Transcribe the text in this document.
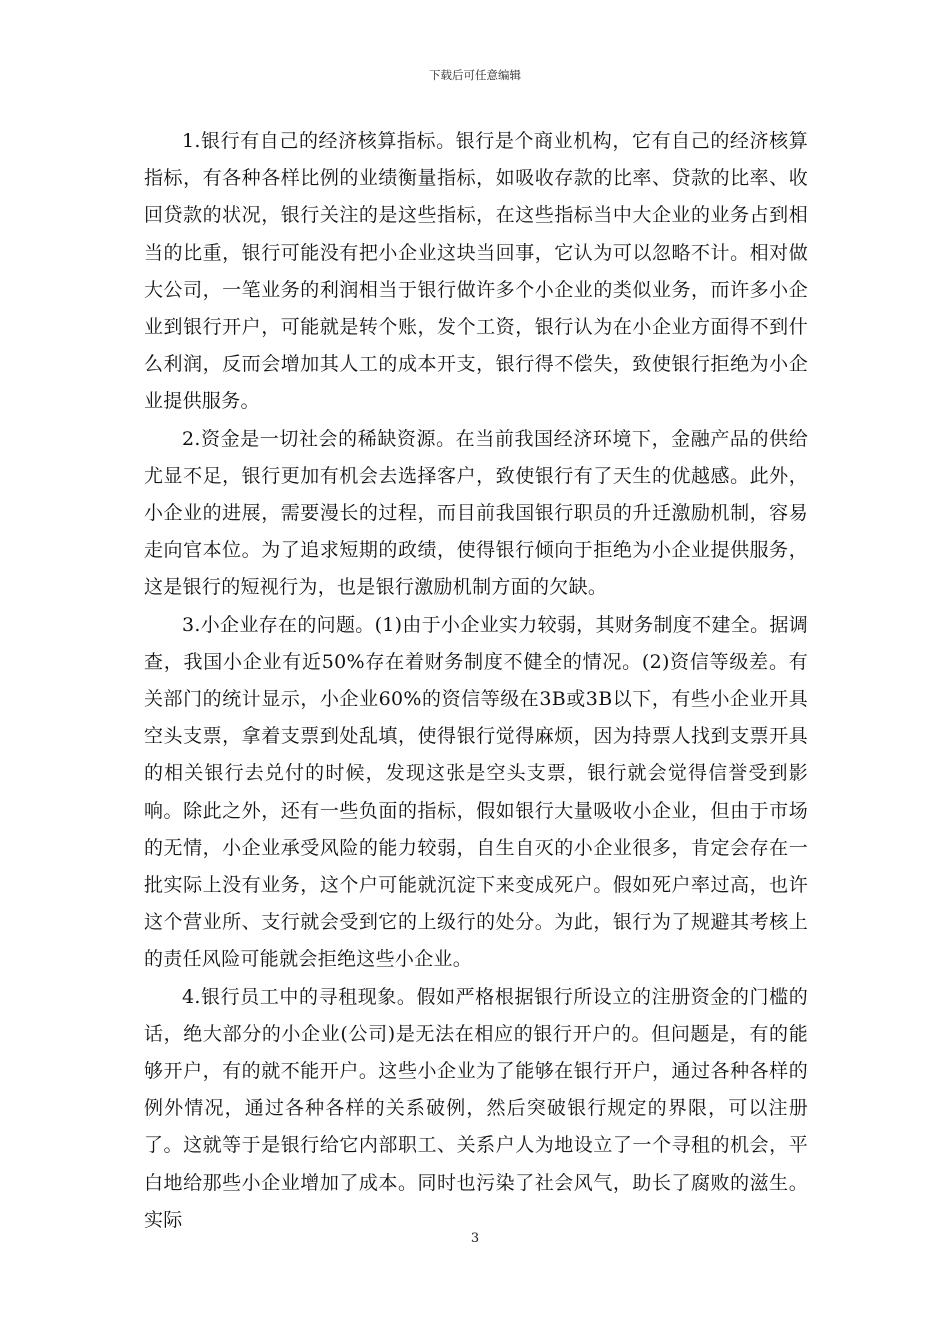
下载后可任意编辑

1.银行有自己的经济核算指标。银行是个商业机构，它有自己的经济核算指标，有各种各样比例的业绩衡量指标，如吸收存款的比率、贷款的比率、收回贷款的状况，银行关注的是这些指标，在这些指标当中大企业的业务占到相当的比重，银行可能没有把小企业这块当回事，它认为可以忽略不计。相对做大公司，一笔业务的利润相当于银行做许多个小企业的类似业务，而许多小企业到银行开户，可能就是转个账，发个工资，银行认为在小企业方面得不到什么利润，反而会增加其人工的成本开支，银行得不偿失，致使银行拒绝为小企业提供服务。

2.资金是一切社会的稀缺资源。在当前我国经济环境下，金融产品的供给尤显不足，银行更加有机会去选择客户，致使银行有了天生的优越感。此外，小企业的进展，需要漫长的过程，而目前我国银行职员的升迁激励机制，容易走向官本位。为了追求短期的政绩，使得银行倾向于拒绝为小企业提供服务，这是银行的短视行为，也是银行激励机制方面的欠缺。

3.小企业存在的问题。(1)由于小企业实力较弱，其财务制度不建全。据调查，我国小企业有近50%存在着财务制度不健全的情况。(2)资信等级差。有关部门的统计显示，小企业60%的资信等级在3B或3B以下，有些小企业开具空头支票，拿着支票到处乱填，使得银行觉得麻烦，因为持票人找到支票开具的相关银行去兑付的时候，发现这张是空头支票，银行就会觉得信誉受到影响。除此之外，还有一些负面的指标，假如银行大量吸收小企业，但由于市场的无情，小企业承受风险的能力较弱，自生自灭的小企业很多，肯定会存在一批实际上没有业务，这个户可能就沉淀下来变成死户。假如死户率过高，也许这个营业所、支行就会受到它的上级行的处分。为此，银行为了规避其考核上的责任风险可能就会拒绝这些小企业。

4.银行员工中的寻租现象。假如严格根据银行所设立的注册资金的门槛的话，绝大部分的小企业(公司)是无法在相应的银行开户的。但问题是，有的能够开户，有的就不能开户。这些小企业为了能够在银行开户，通过各种各样的例外情况，通过各种各样的关系破例，然后突破银行规定的界限，可以注册了。这就等于是银行给它内部职工、关系户人为地设立了一个寻租的机会，平白地给那些小企业增加了成本。同时也污染了社会风气，助长了腐败的滋生。实际

3
